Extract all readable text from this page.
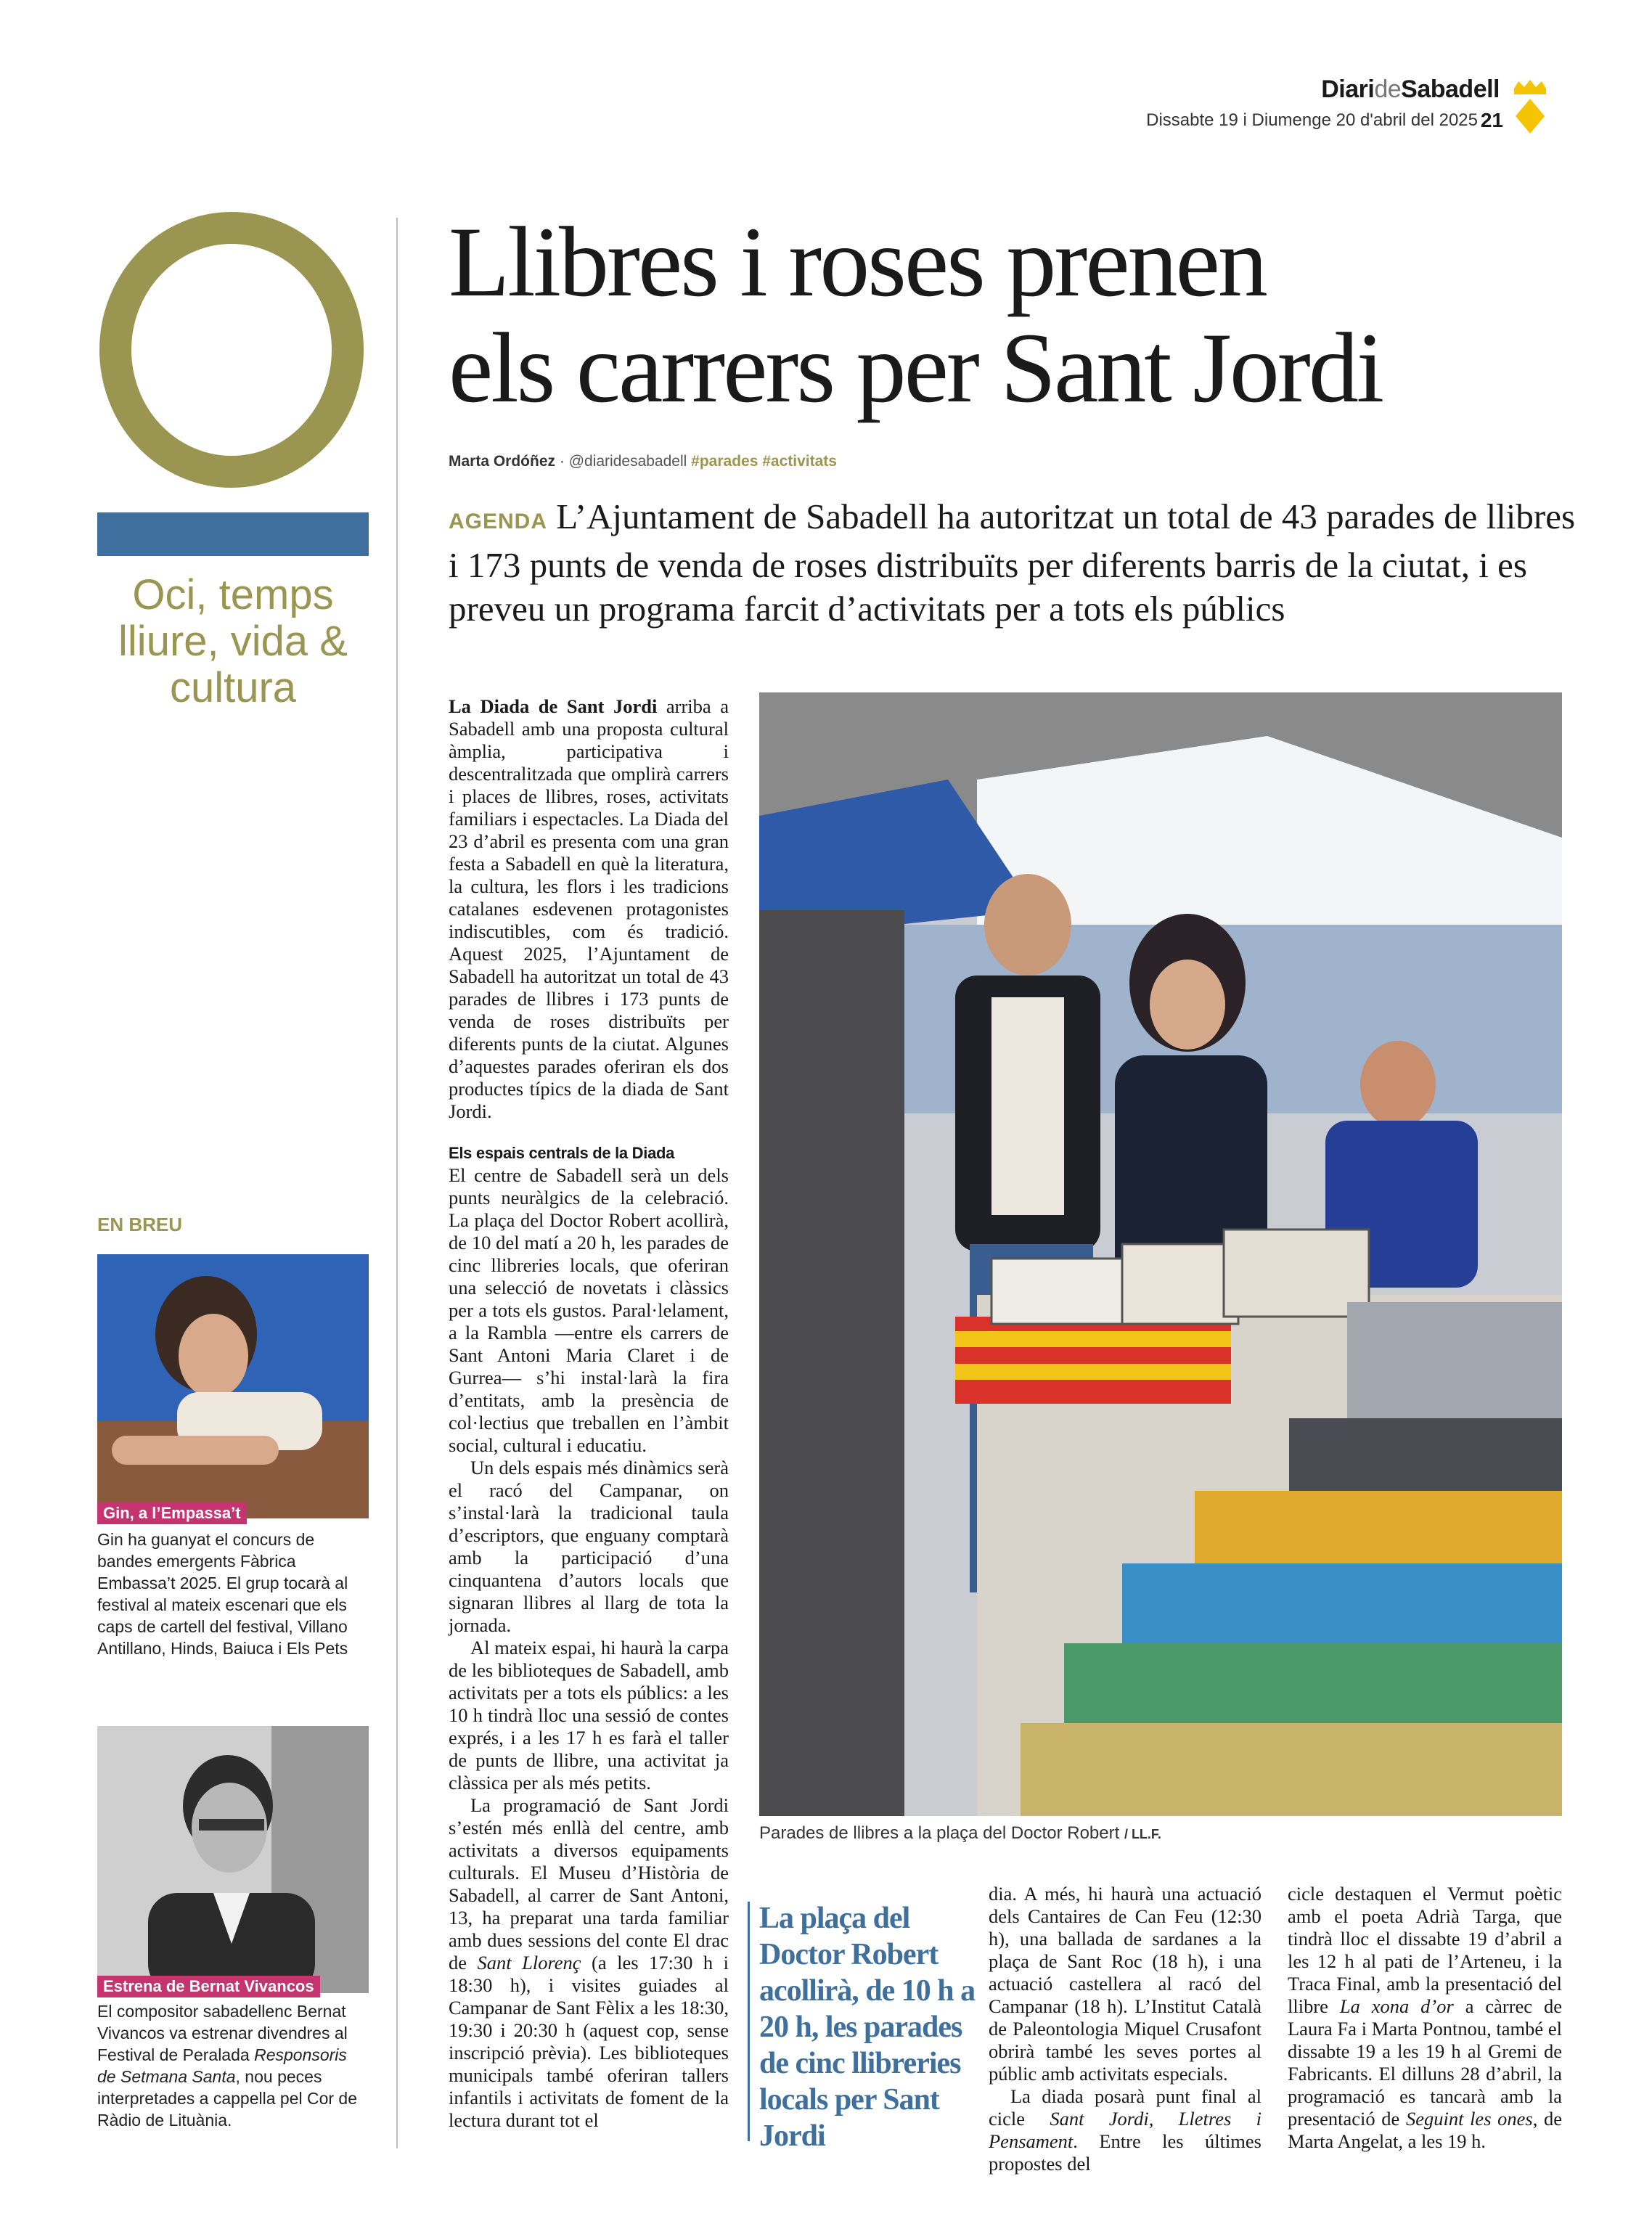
DiarideSabadell
Dissabte 19 i Diumenge 20 d'abril del 2025 21
Oci, temps lliure, vida & cultura
Llibres i roses prenen
els carrers per Sant Jordi
Marta Ordóñez · @diaridesabadell #parades #activitats
AGENDA L’Ajuntament de Sabadell ha autoritzat un total de 43 parades de llibres i 173 punts de venda de roses distribuïts per diferents barris de la ciutat, i es preveu un programa farcit d’activitats per a tots els públics

La Diada de Sant Jordi arriba a Sabadell amb una proposta cultural àmplia, participativa i descentralitzada que omplirà carrers i places de llibres, roses, activitats familiars i espectacles. La Diada del 23 d’abril es presenta com una gran festa a Sabadell en què la literatura, la cultura, les flors i les tradicions catalanes esdevenen protagonistes indiscutibles, com és tradició. Aquest 2025, l’Ajuntament de Sabadell ha autoritzat un total de 43 parades de llibres i 173 punts de venda de roses distribuïts per diferents punts de la ciutat. Algunes d’aquestes parades oferiran els dos productes típics de la diada de Sant Jordi.

Els espais centrals de la Diada

El centre de Sabadell serà un dels punts neuràlgics de la celebració. La plaça del Doctor Robert acollirà, de 10 del matí a 20 h, les parades de cinc llibreries locals, que oferiran una selecció de novetats i clàssics per a tots els gustos. Paral·lelament, a la Rambla —entre els carrers de Sant Antoni Maria Claret i de Gurrea— s’hi instal·larà la fira d’entitats, amb la presència de col·lectius que treballen en l’àmbit social, cultural i educatiu.

Un dels espais més dinàmics serà el racó del Campanar, on s’instal·larà la tradicional taula d’escriptors, que enguany comptarà amb la participació d’una cinquantena d’autors locals que signaran llibres al llarg de tota la jornada.

Al mateix espai, hi haurà la carpa de les biblioteques de Sabadell, amb activitats per a tots els públics: a les 10 h tindrà lloc una sessió de contes exprés, i a les 17 h es farà el taller de punts de llibre, una activitat ja clàssica per als més petits.

La programació de Sant Jordi s’estén més enllà del centre, amb activitats a diversos equipaments culturals. El Museu d’Història de Sabadell, al carrer de Sant Antoni, 13, ha preparat una tarda familiar amb dues sessions del conte El drac de Sant Llorenç (a les 17:30 h i 18:30 h), i visites guiades al Campanar de Sant Fèlix a les 18:30, 19:30 i 20:30 h (aquest cop, sense inscripció prèvia). Les biblioteques municipals també oferiran tallers infantils i activitats de foment de la lectura durant tot el

Parades de llibres a la plaça del Doctor Robert / LL.F.
La plaça del Doctor Robert acollirà, de 10 h a 20 h, les parades de cinc llibreries locals per Sant Jordi

dia. A més, hi haurà una actuació dels Cantaires de Can Feu (12:30 h), una ballada de sardanes a la plaça de Sant Roc (18 h), i una actuació castellera al racó del Campanar (18 h). L’Institut Català de Paleontologia Miquel Crusafont obrirà també les seves portes al públic amb activitats especials.

La diada posarà punt final al cicle Sant Jordi, Lletres i Pensament. Entre les últimes propostes del

cicle destaquen el Vermut poètic amb el poeta Adrià Targa, que tindrà lloc el dissabte 19 d’abril a les 12 h al pati de l’Arteneu, i la Traca Final, amb la presentació del llibre La xona d’or a càrrec de Laura Fa i Marta Pontnou, també el dissabte 19 a les 19 h al Gremi de Fabricants. El dilluns 28 d’abril, la programació es tancarà amb la presentació de Seguint les ones, de Marta Angelat, a les 19 h.

EN BREU
Gin, a l’Empassa’t
Gin ha guanyat el concurs de bandes emergents Fàbrica Embassa’t 2025. El grup tocarà al festival al mateix escenari que els caps de cartell del festival, Villano Antillano, Hinds, Baiuca i Els Pets
Estrena de Bernat Vivancos
El compositor sabadellenc Bernat Vivancos va estrenar divendres al Festival de Peralada Responsoris de Setmana Santa, nou peces interpretades a cappella pel Cor de Ràdio de Lituània.
